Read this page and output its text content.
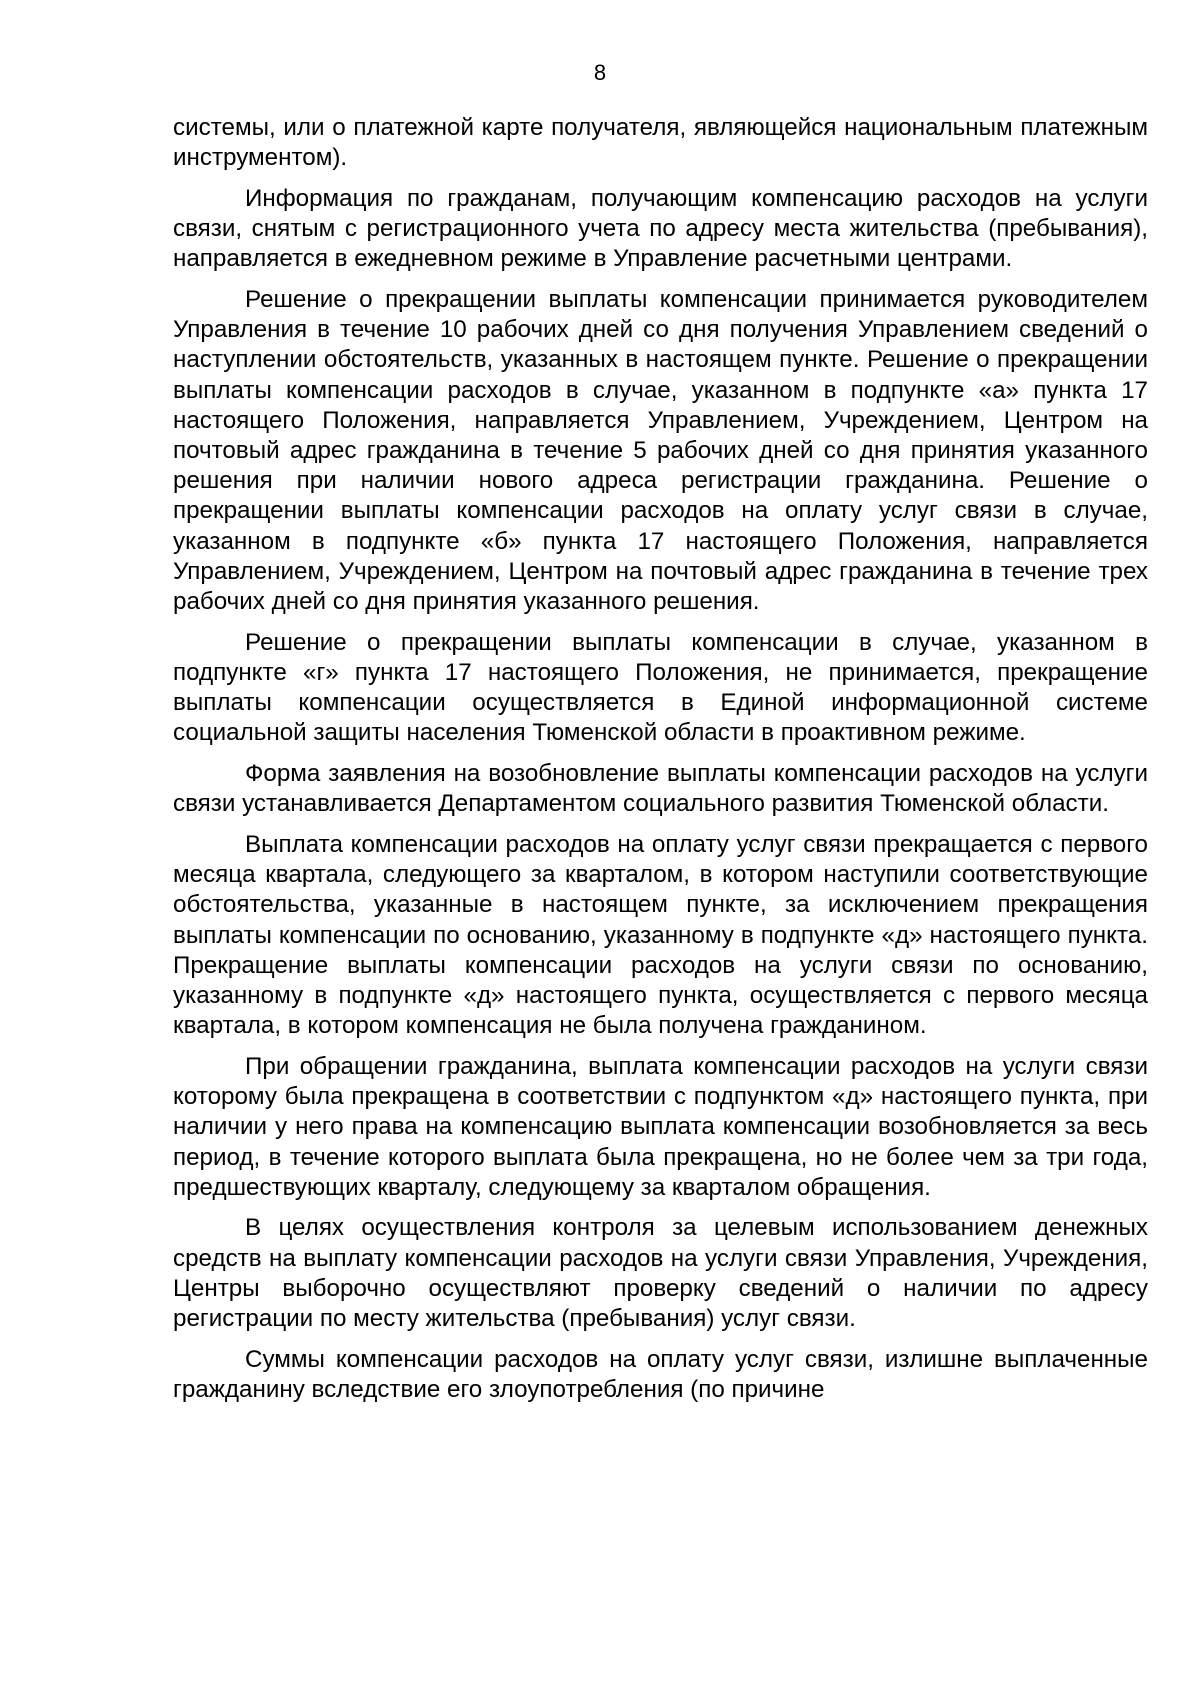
8

системы, или о платежной карте получателя, являющейся национальным платежным инструментом).

Информация по гражданам, получающим компенсацию расходов на услуги связи, снятым с регистрационного учета по адресу места жительства (пребывания), направляется в ежедневном режиме в Управление расчетными центрами.

Решение о прекращении выплаты компенсации принимается руководителем Управления в течение 10 рабочих дней со дня получения Управлением сведений о наступлении обстоятельств, указанных в настоящем пункте. Решение о прекращении выплаты компенсации расходов в случае, указанном в подпункте «а» пункта 17 настоящего Положения, направляется Управлением, Учреждением, Центром на почтовый адрес гражданина в течение 5 рабочих дней со дня принятия указанного решения при наличии нового адреса регистрации гражданина. Решение о прекращении выплаты компенсации расходов на оплату услуг связи в случае, указанном в подпункте «б» пункта 17 настоящего Положения, направляется Управлением, Учреждением, Центром на почтовый адрес гражданина в течение трех рабочих дней со дня принятия указанного решения.

Решение о прекращении выплаты компенсации в случае, указанном в подпункте «г» пункта 17 настоящего Положения, не принимается, прекращение выплаты компенсации осуществляется в Единой информационной системе социальной защиты населения Тюменской области в проактивном режиме.

Форма заявления на возобновление выплаты компенсации расходов на услуги связи устанавливается Департаментом социального развития Тюменской области.

Выплата компенсации расходов на оплату услуг связи прекращается с первого месяца квартала, следующего за кварталом, в котором наступили соответствующие обстоятельства, указанные в настоящем пункте, за исключением прекращения выплаты компенсации по основанию, указанному в подпункте «д» настоящего пункта. Прекращение выплаты компенсации расходов на услуги связи по основанию, указанному в подпункте «д» настоящего пункта, осуществляется с первого месяца квартала, в котором компенсация не была получена гражданином.

При обращении гражданина, выплата компенсации расходов на услуги связи которому была прекращена в соответствии с подпунктом «д» настоящего пункта, при наличии у него права на компенсацию выплата компенсации возобновляется за весь период, в течение которого выплата была прекращена, но не более чем за три года, предшествующих кварталу, следующему за кварталом обращения.

В целях осуществления контроля за целевым использованием денежных средств на выплату компенсации расходов на услуги связи Управления, Учреждения, Центры выборочно осуществляют проверку сведений о наличии по адресу регистрации по месту жительства (пребывания) услуг связи.

Суммы компенсации расходов на оплату услуг связи, излишне выплаченные гражданину вследствие его злоупотребления (по причине
